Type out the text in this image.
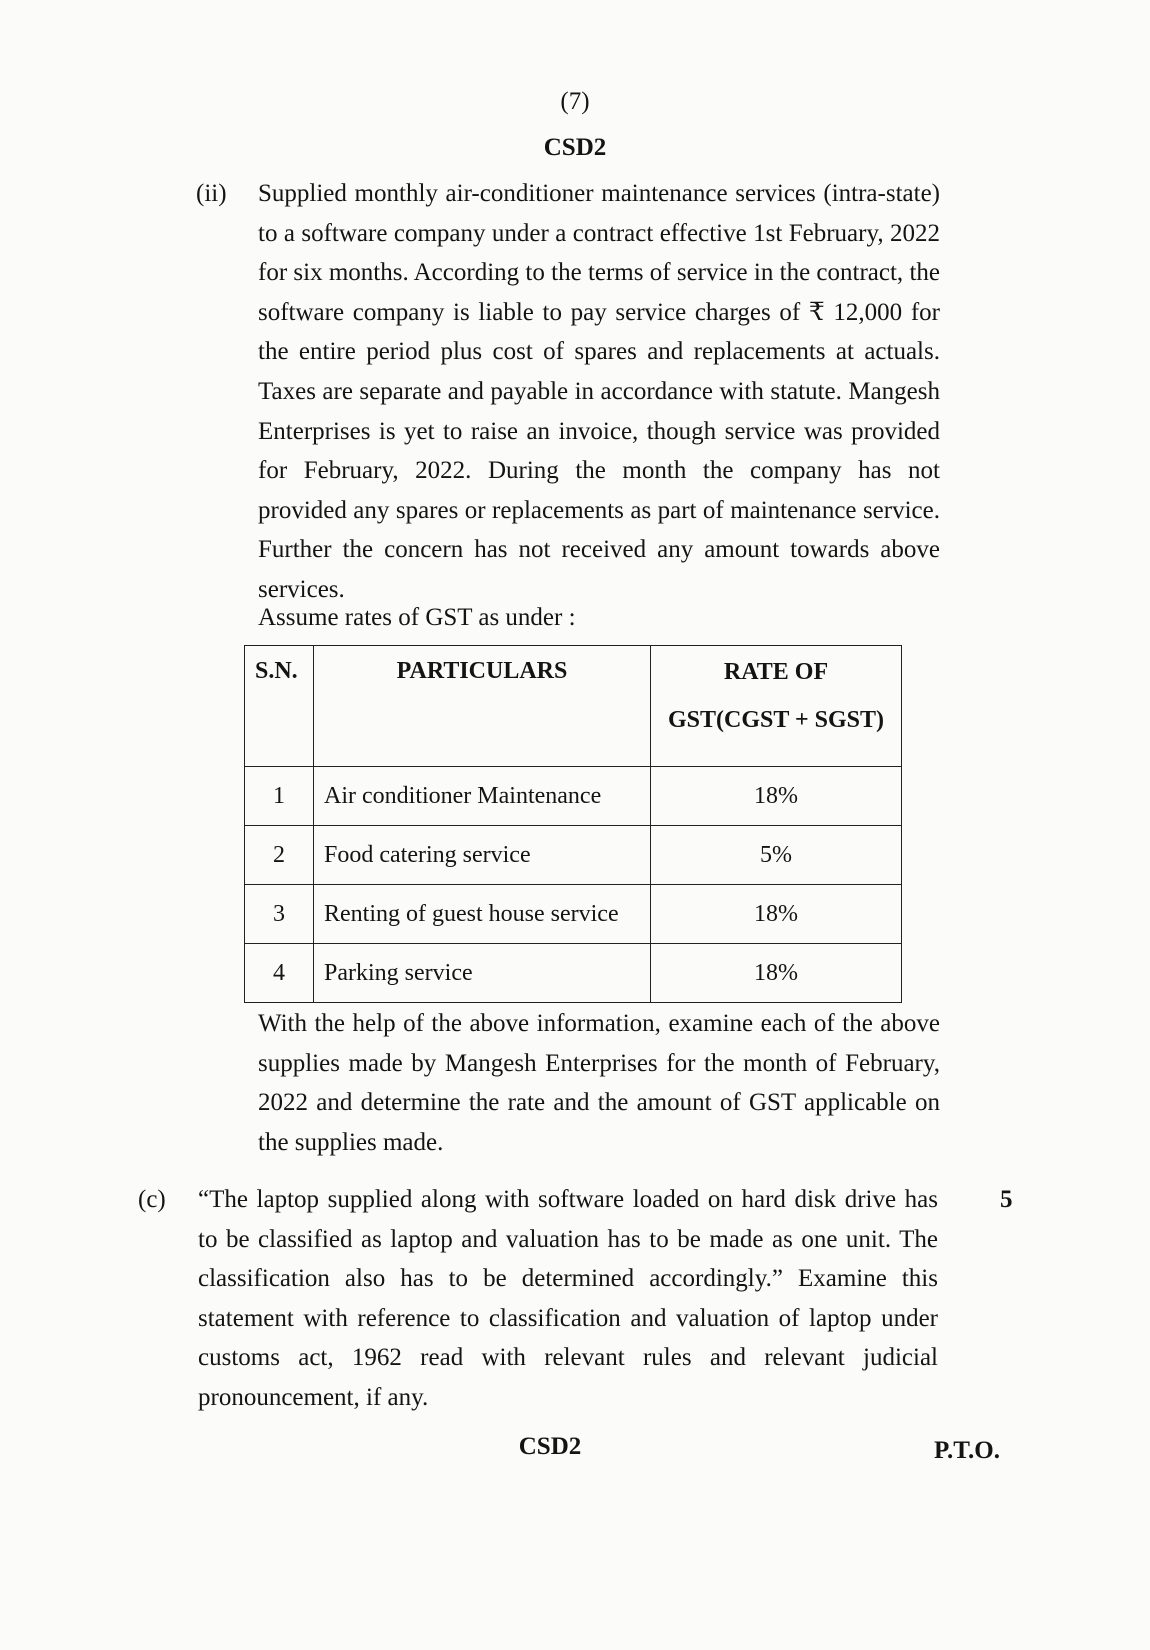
(7)
CSD2
(ii) Supplied monthly air-conditioner maintenance services (intra-state) to a software company under a contract effective 1st February, 2022 for six months. According to the terms of service in the contract, the software company is liable to pay service charges of ₹ 12,000 for the entire period plus cost of spares and replacements at actuals. Taxes are separate and payable in accordance with statute. Mangesh Enterprises is yet to raise an invoice, though service was provided for February, 2022. During the month the company has not provided any spares or replacements as part of maintenance service. Further the concern has not received any amount towards above services.
Assume rates of GST as under :
S.N.	PARTICULARS	RATE OF
GST(CGST + SGST)

1	Air conditioner Maintenance	18%
2	Food catering service	5%
3	Renting of guest house service	18%
4	Parking service	18%
With the help of the above information, examine each of the above supplies made by Mangesh Enterprises for the month of February, 2022 and determine the rate and the amount of GST applicable on the supplies made.
(c) “The laptop supplied along with software loaded on hard disk drive has to be classified as laptop and valuation has to be made as one unit. The classification also has to be determined accordingly.” Examine this statement with reference to classification and valuation of laptop under customs act, 1962 read with relevant rules and relevant judicial pronouncement, if any.
5
CSD2	P.T.O.
